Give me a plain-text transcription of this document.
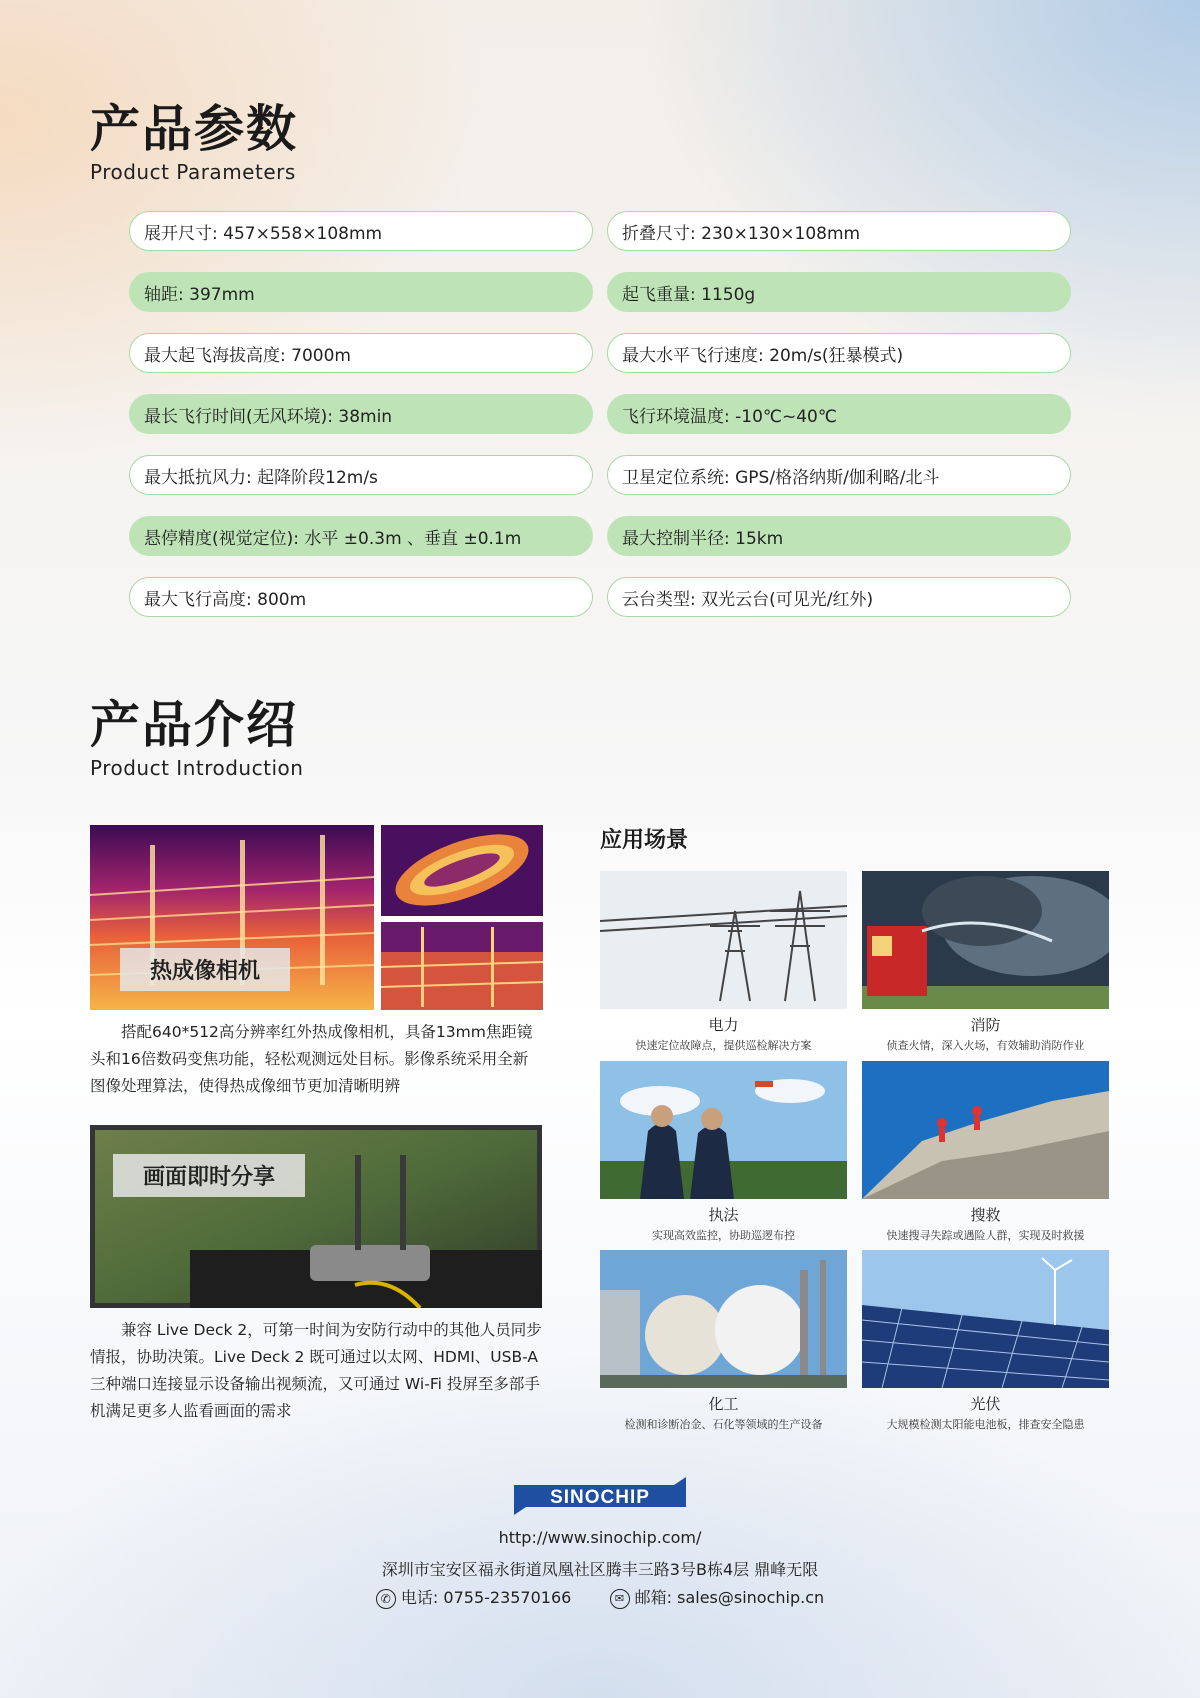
产品参数
Product Parameters
展开尺寸: 457×558×108mm	折叠尺寸: 230×130×108mm
轴距: 397mm	起飞重量: 1150g
最大起飞海拔高度: 7000m	最大水平飞行速度: 20m/s(狂暴模式)
最长飞行时间(无风环境): 38min	飞行环境温度: -10℃~40℃
最大抵抗风力: 起降阶段12m/s	卫星定位系统: GPS/格洛纳斯/伽利略/北斗
悬停精度(视觉定位): 水平 ±0.3m 、垂直 ±0.1m	最大控制半径: 15km
最大飞行高度: 800m	云台类型: 双光云台(可见光/红外)
产品介绍
Product Introduction
热成像相机
搭配640*512高分辨率红外热成像相机，具备13mm焦距镜头和16倍数码变焦功能，轻松观测远处目标。影像系统采用全新图像处理算法，使得热成像细节更加清晰明辨
画面即时分享
兼容 Live Deck 2，可第一时间为安防行动中的其他人员同步情报，协助决策。Live Deck 2 既可通过以太网、HDMI、USB-A 三种端口连接显示设备输出视频流，又可通过 Wi-Fi 投屏至多部手机满足更多人监看画面的需求
应用场景
电力
快速定位故障点，提供巡检解决方案
消防
侦查火情，深入火场，有效辅助消防作业
执法
实现高效监控，协助巡逻布控
搜救
快速搜寻失踪或遇险人群，实现及时救援
化工
检测和诊断冶金、石化等领域的生产设备
光伏
大规模检测太阳能电池板，排查安全隐患
SINOCHIP
http://www.sinochip.com/
深圳市宝安区福永街道凤凰社区腾丰三路3号B栋4层 鼎峰无限
✆ 电话: 0755-23570166	✉ 邮箱: sales@sinochip.cn
